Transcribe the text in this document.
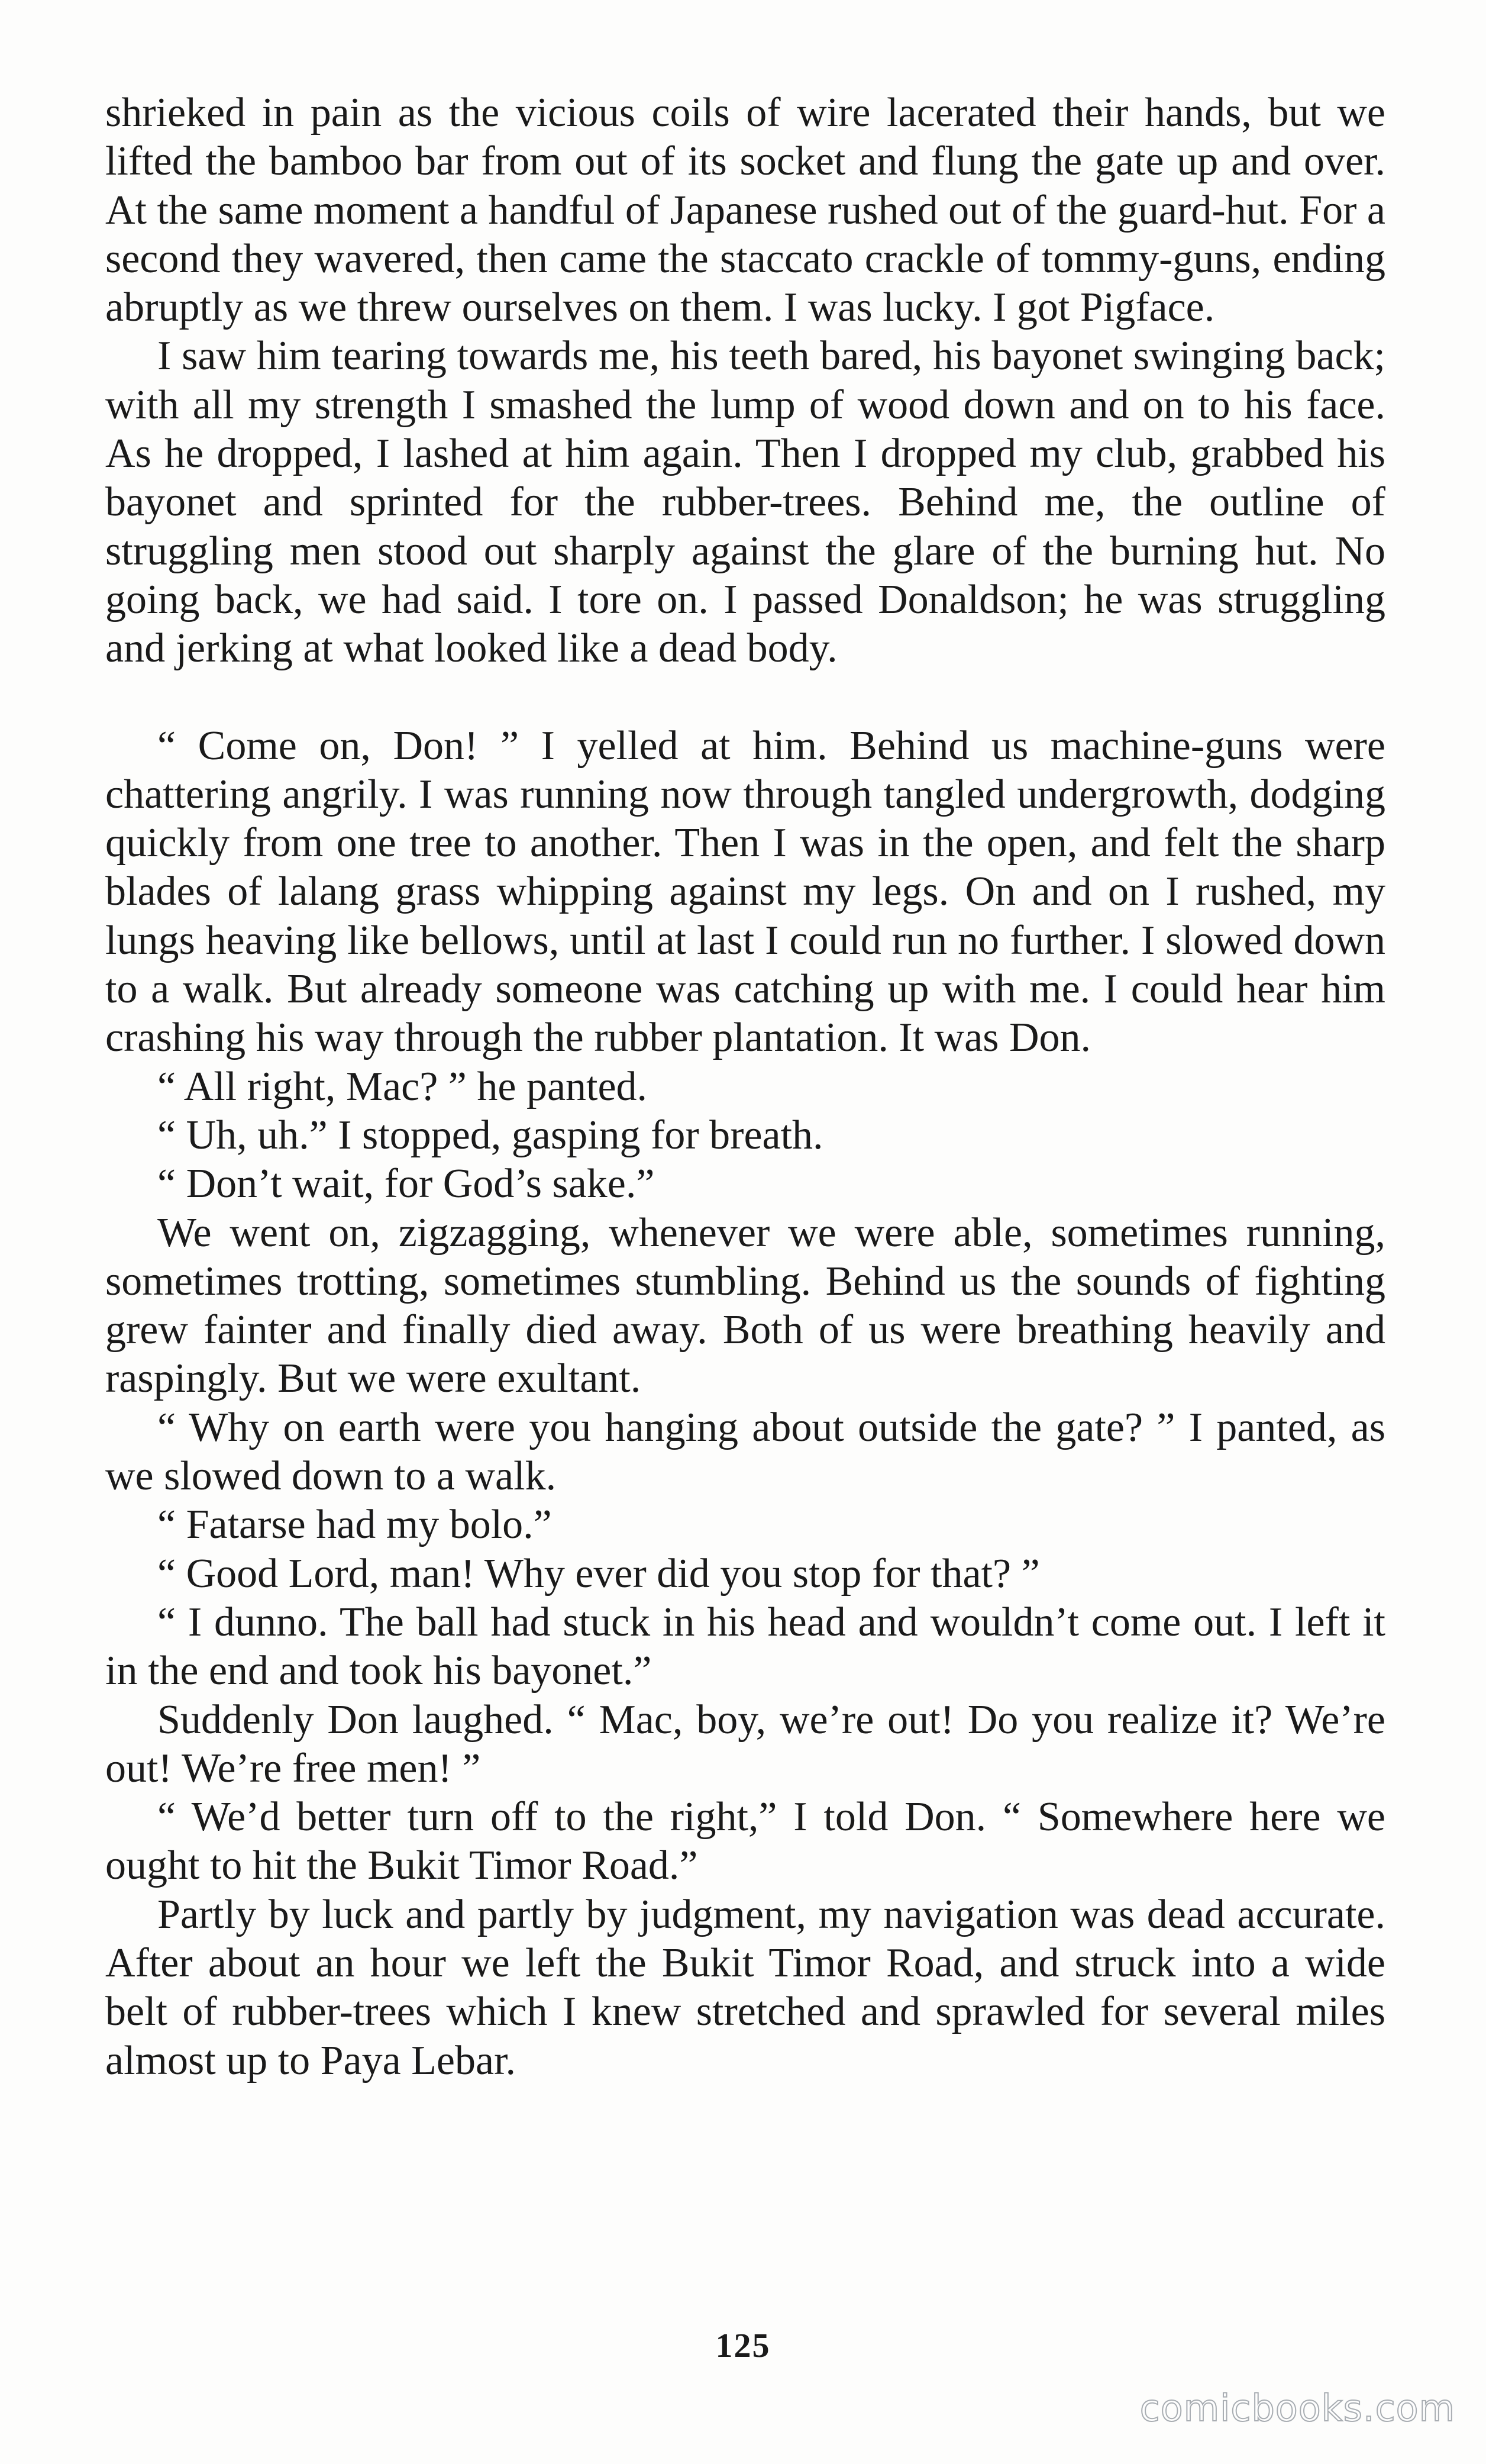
shrieked in pain as the vicious coils of wire lacerated their hands, but we lifted the bamboo bar from out of its socket and flung the gate up and over. At the same moment a handful of Japanese rushed out of the guard-hut. For a second they wavered, then came the staccato crackle of tommy-guns, ending abruptly as we threw ourselves on them. I was lucky. I got Pigface.

I saw him tearing towards me, his teeth bared, his bayonet swinging back; with all my strength I smashed the lump of wood down and on to his face. As he dropped, I lashed at him again. Then I dropped my club, grabbed his bayonet and sprinted for the rubber-trees. Behind me, the outline of struggling men stood out sharply against the glare of the burning hut. No going back, we had said. I tore on. I passed Donaldson; he was struggling and jerking at what looked like a dead body.

“ Come on, Don! ” I yelled at him. Behind us machine-guns were chattering angrily. I was running now through tangled undergrowth, dodging quickly from one tree to another. Then I was in the open, and felt the sharp blades of lalang grass whipping against my legs. On and on I rushed, my lungs heaving like bellows, until at last I could run no further. I slowed down to a walk. But already someone was catching up with me. I could hear him crashing his way through the rubber plantation. It was Don.

“ All right, Mac? ” he panted.

“ Uh, uh.” I stopped, gasping for breath.

“ Don’t wait, for God’s sake.”

We went on, zigzagging, whenever we were able, sometimes running, sometimes trotting, sometimes stumbling. Behind us the sounds of fighting grew fainter and finally died away. Both of us were breathing heavily and raspingly. But we were exultant.

“ Why on earth were you hanging about outside the gate? ” I panted, as we slowed down to a walk.

“ Fatarse had my bolo.”

“ Good Lord, man! Why ever did you stop for that? ”

“ I dunno. The ball had stuck in his head and wouldn’t come out. I left it in the end and took his bayonet.”

Suddenly Don laughed. “ Mac, boy, we’re out! Do you realize it? We’re out! We’re free men! ”

“ We’d better turn off to the right,” I told Don. “ Somewhere here we ought to hit the Bukit Timor Road.”

Partly by luck and partly by judgment, my navigation was dead accurate. After about an hour we left the Bukit Timor Road, and struck into a wide belt of rubber-trees which I knew stretched and sprawled for several miles almost up to Paya Lebar.

125
comicbooks.com
